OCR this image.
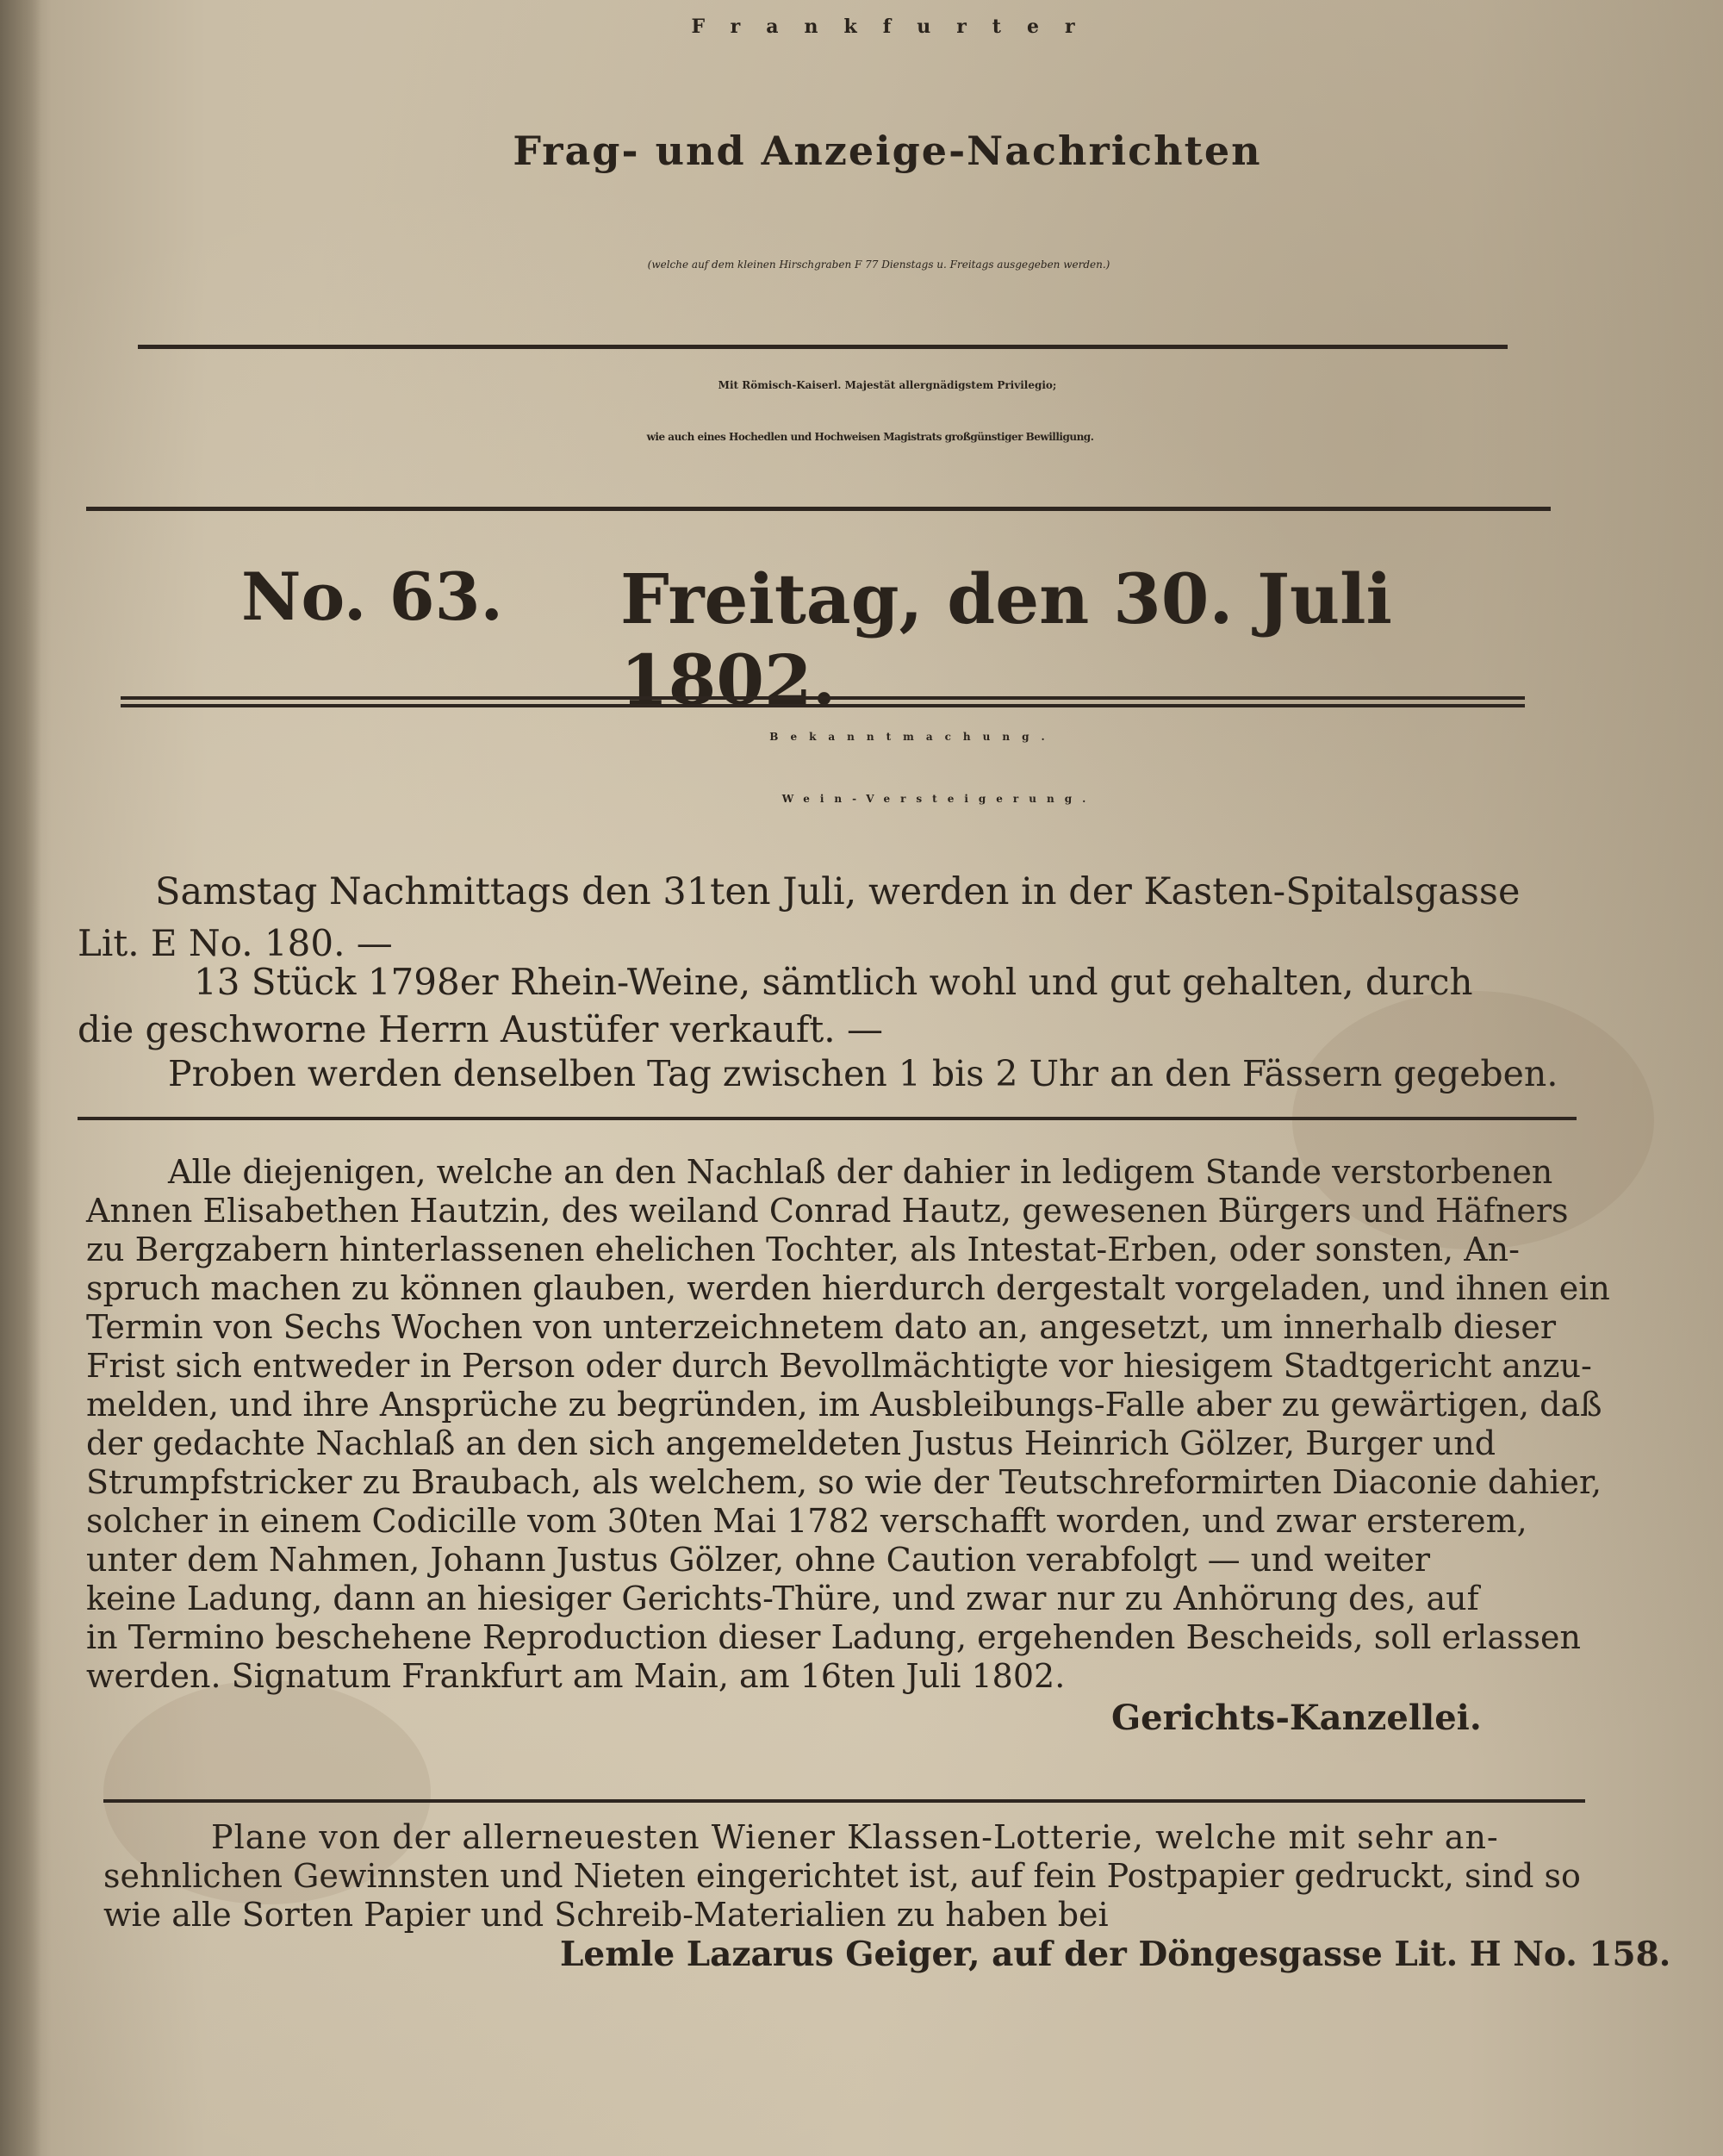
Frankfurter
Frag- und Anzeige-Nachrichten
(welche auf dem kleinen Hirschgraben F 77 Dienstags u. Freitags ausgegeben werden.)
Mit Römisch-Kaiserl. Majestät allergnädigstem Privilegio;
wie auch eines Hochedlen und Hochweisen Magistrats großgünstiger Bewilligung.
No. 63. Freitag, den 30. Juli 1802.
Bekanntmachung.
Wein-Versteigerung.
Samstag Nachmittags den 31ten Juli, werden in der Kasten-Spitalsgasse
Lit. E No. 180. —
13 Stück 1798er Rhein-Weine, sämtlich wohl und gut gehalten, durch
die geschworne Herrn Austüfer verkauft. —
Proben werden denselben Tag zwischen 1 bis 2 Uhr an den Fässern gegeben.
Alle diejenigen, welche an den Nachlaß der dahier in ledigem Stande verstorbenen
Annen Elisabethen Hautzin, des weiland Conrad Hautz, gewesenen Bürgers und Häfners
zu Bergzabern hinterlassenen ehelichen Tochter, als Intestat-Erben, oder sonsten, An-
spruch machen zu können glauben, werden hierdurch dergestalt vorgeladen, und ihnen ein
Termin von Sechs Wochen von unterzeichnetem dato an, angesetzt, um innerhalb dieser
Frist sich entweder in Person oder durch Bevollmächtigte vor hiesigem Stadtgericht anzu-
melden, und ihre Ansprüche zu begründen, im Ausbleibungs-Falle aber zu gewärtigen, daß
der gedachte Nachlaß an den sich angemeldeten Justus Heinrich Gölzer, Burger und
Strumpfstricker zu Braubach, als welchem, so wie der Teutschreformirten Diaconie dahier,
solcher in einem Codicille vom 30ten Mai 1782 verschafft worden, und zwar ersterem,
unter dem Nahmen, Johann Justus Gölzer, ohne Caution verabfolgt — und weiter
keine Ladung, dann an hiesiger Gerichts-Thüre, und zwar nur zu Anhörung des, auf
in Termino beschehene Reproduction dieser Ladung, ergehenden Bescheids, soll erlassen
werden. Signatum Frankfurt am Main, am 16ten Juli 1802.
Gerichts-Kanzellei.
Plane von der allerneuesten Wiener Klassen-Lotterie, welche mit sehr an-
sehnlichen Gewinnsten und Nieten eingerichtet ist, auf fein Postpapier gedruckt, sind so
wie alle Sorten Papier und Schreib-Materialien zu haben bei
Lemle Lazarus Geiger, auf der Döngesgasse Lit. H No. 158.
